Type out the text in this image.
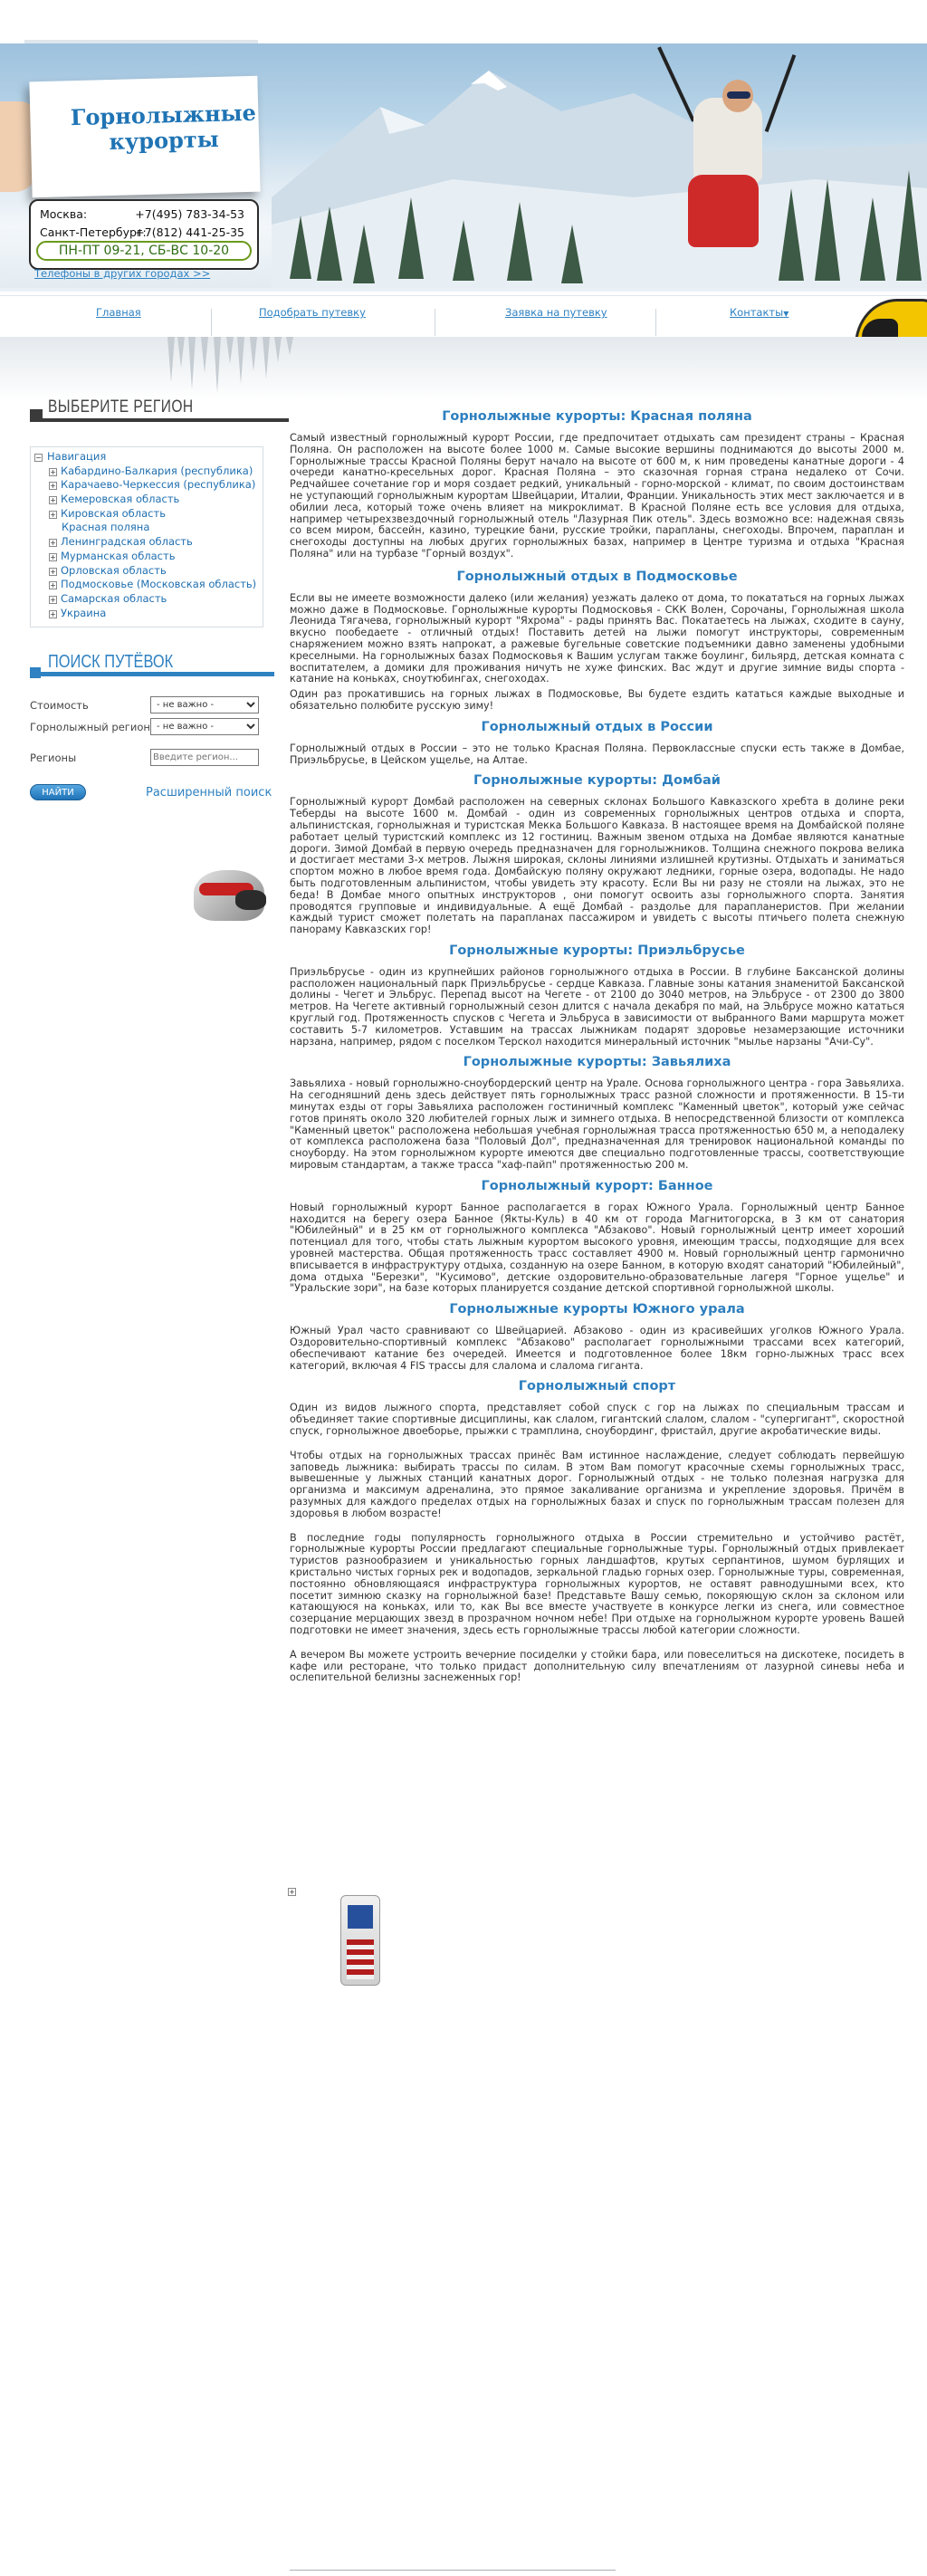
Горнолыжные курорты
Москва:	+7(495) 783-34-53
Санкт-Петербург:
+7(812) 441-25-35
ПН-ПТ 09-21, СБ-ВС 10-20
Телефоны в других городах >>
Главная	Подобрать путевку	Заявка на путевку	Контакты▼
ВЫБЕРИТЕ РЕГИОН
− Навигация
+ Кабардино-Балкария (республика)
+ Карачаево-Черкессия (республика)
+ Кемеровская область
+ Кировская область
Красная поляна
+ Ленинградская область
+ Мурманская область
+ Орловская область
+ Подмосковье (Московская область)
+ Самарская область
+ Украина
ПОИСК ПУТЁВОК
Стоимость
- не важно -
Горнолыжный регион
- не важно -
Регионы
Введите регион...
НАЙТИ	Расширенный поиск
+
Горнолыжные курорты: Красная поляна

Самый известный горнолыжный курорт России, где предпочитает отдыхать сам президент страны – Красная Поляна. Он расположен на высоте более 1000 м. Самые высокие вершины поднимаются до высоты 2000 м. Горнолыжные трассы Красной Поляны берут начало на высоте от 600 м, к ним проведены канатные дороги - 4 очереди канатно-кресельных дорог. Красная Поляна – это сказочная горная страна недалеко от Сочи. Редчайшее сочетание гор и моря создает редкий, уникальный - горно-морской - климат, по своим достоинствам не уступающий горнолыжным курортам Швейцарии, Италии, Франции. Уникальность этих мест заключается и в обилии леса, который тоже очень влияет на микроклимат. В Красной Поляне есть все условия для отдыха, например четырехзвездочный горнолыжный отель "Лазурная Пик отель". Здесь возможно все: надежная связь со всем миром, бассейн, казино, турецкие бани, русские тройки, парапланы, снегоходы. Впрочем, параплан и снегоходы доступны на любых других горнолыжных базах, например в Центре туризма и отдыха "Красная Поляна" или на турбазе "Горный воздух".

Горнолыжный отдых в Подмосковье

Если вы не имеете возможности далеко (или желания) уезжать далеко от дома, то покататься на горных лыжах можно даже в Подмосковье. Горнолыжные курорты Подмосковья - СКК Волен, Сорочаны, Горнолыжная школа Леонида Тягачева, горнолыжный курорт "Яхрома" - рады принять Вас. Покатаетесь на лыжах, сходите в сауну, вкусно пообедаете - отличный отдых! Поставить детей на лыжи помогут инструкторы, современным снаряжением можно взять напрокат, а ражевые бугельные советские подъемники давно заменены удобными креселными. На горнолыжных базах Подмосковья к Вашим услугам также боулинг, бильярд, детская комната с воспитателем, а домики для проживания ничуть не хуже финских. Вас ждут и другие зимние виды спорта - катание на коньках, сноутюбингах, снегоходах.

Один раз прокатившись на горных лыжах в Подмосковье, Вы будете ездить кататься каждые выходные и обязательно полюбите русскую зиму!

Горнолыжный отдых в России

Горнолыжный отдых в России – это не только Красная Поляна. Первоклассные спуски есть также в Домбае, Приэльбрусье, в Цейском ущелье, на Алтае.

Горнолыжные курорты: Домбай

Горнолыжный курорт Домбай расположен на северных склонах Большого Кавказского хребта в долине реки Теберды на высоте 1600 м. Домбай - один из современных горнолыжных центров отдыха и спорта, альпинистская, горнолыжная и туристская Мекка Большого Кавказа. В настоящее время на Домбайской поляне работает целый туристский комплекс из 12 гостиниц. Важным звеном отдыха на Домбае являются канатные дороги. Зимой Домбай в первую очередь предназначен для горнолыжников. Толщина снежного покрова велика и достигает местами 3-х метров. Лыжня широкая, склоны линиями излишней крутизны. Отдыхать и заниматься спортом можно в любое время года. Домбайскую поляну окружают ледники, горные озера, водопады. Не надо быть подготовленным альпинистом, чтобы увидеть эту красоту. Если Вы ни разу не стояли на лыжах, это не беда! В Домбае много опытных инструкторов , они помогут освоить азы горнолыжного спорта. Занятия проводятся групповые и индивидуальные. А ещё Домбай - раздолье для парапланеристов. При желании каждый турист сможет полетать на парапланах пассажиром и увидеть с высоты птичьего полета снежную панораму Кавказских гор!

Горнолыжные курорты: Приэльбрусье

Приэльбрусье - один из крупнейших районов горнолыжного отдыха в России. В глубине Баксанской долины расположен национальный парк Приэльбрусье - сердце Кавказа. Главные зоны катания знаменитой Баксанской долины - Чегет и Эльбрус. Перепад высот на Чегете - от 2100 до 3040 метров, на Эльбрусе - от 2300 до 3800 метров. На Чегете активный горнолыжный сезон длится с начала декабря по май, на Эльбрусе можно кататься круглый год. Протяженность спусков с Чегета и Эльбруса в зависимости от выбранного Вами маршрута может составить 5-7 километров. Уставшим на трассах лыжникам подарят здоровье незамерзающие источники нарзана, например, рядом с поселком Терскол находится минеральный источник "мылье нарзаны "Ачи-Су".

Горнолыжные курорты: Завьялиха

Завьялиха - новый горнолыжно-сноубордерский центр на Урале. Основа горнолыжного центра - гора Завьялиха. На сегодняшний день здесь действует пять горнолыжных трасс разной сложности и протяженности. В 15-ти минутах езды от горы Завьялиха расположен гостиничный комплекс "Каменный цветок", который уже сейчас готов принять около 320 любителей горных лыж и зимнего отдыха. В непосредственной близости от комплекса "Каменный цветок" расположена небольшая учебная горнолыжная трасса протяженностью 650 м, а неподалеку от комплекса расположена база "Половый Дол", предназначенная для тренировок национальной команды по сноуборду. На этом горнолыжном курорте имеются две специально подготовленные трассы, соответствующие мировым стандартам, а также трасса "хаф-пайп" протяженностью 200 м.

Горнолыжный курорт: Банное

Новый горнолыжный курорт Банное располагается в горах Южного Урала. Горнолыжный центр Банное находится на берегу озера Банное (Якты-Куль) в 40 км от города Магнитогорска, в 3 км от санатория "Юбилейный" и в 25 км от горнолыжного комплекса "Абзаково". Новый горнолыжный центр имеет хороший потенциал для того, чтобы стать лыжным курортом высокого уровня, имеющим трассы, подходящие для всех уровней мастерства. Общая протяженность трасс составляет 4900 м. Новый горнолыжный центр гармонично вписывается в инфраструктуру отдыха, созданную на озере Банном, в которую входят санаторий "Юбилейный", дома отдыха "Березки", "Кусимово", детские оздоровительно-образовательные лагеря "Горное ущелье" и "Уральские зори", на базе которых планируется создание детской спортивной горнолыжной школы.

Горнолыжные курорты Южного урала

Южный Урал часто сравнивают со Швейцарией. Абзаково - один из красивейших уголков Южного Урала. Оздоровительно-спортивный комплекс "Абзаково" располагает горнолыжными трассами всех категорий, обеспечивают катание без очередей. Имеется и подготовленное более 18км горно-лыжных трасс всех категорий, включая 4 FIS трассы для слалома и слалома гиганта.

Горнолыжный спорт

Один из видов лыжного спорта, представляет собой спуск с гор на лыжах по специальным трассам и объединяет такие спортивные дисциплины, как слалом, гигантский слалом, слалом - "супергигант", скоростной спуск, горнолыжное двоеборье, прыжки с трамплина, сноубординг, фристайл, другие акробатические виды.

Чтобы отдых на горнолыжных трассах принёс Вам истинное наслаждение, следует соблюдать первейшую заповедь лыжника: выбирать трассы по силам. В этом Вам помогут красочные схемы горнолыжных трасс, вывешенные у лыжных станций канатных дорог. Горнолыжный отдых - не только полезная нагрузка для организма и максимум адреналина, это прямое закаливание организма и укрепление здоровья. Причём в разумных для каждого пределах отдых на горнолыжных базах и спуск по горнолыжным трассам полезен для здоровья в любом возрасте!

В последние годы популярность горнолыжного отдыха в России стремительно и устойчиво растёт, горнолыжные курорты России предлагают специальные горнолыжные туры. Горнолыжный отдых привлекает туристов разнообразием и уникальностью горных ландшафтов, крутых серпантинов, шумом бурлящих и кристально чистых горных рек и водопадов, зеркальной гладью горных озер. Горнолыжные туры, современная, постоянно обновляющаяся инфраструктура горнолыжных курортов, не оставят равнодушными всех, кто посетит зимнюю сказку на горнолыжной базе! Представьте Вашу семью, покоряющую склон за склоном или катающуюся на коньках, или то, как Вы все вместе участвуете в конкурсе легки из снега, или совместное созерцание мерцающих звезд в прозрачном ночном небе! При отдыхе на горнолыжном курорте уровень Вашей подготовки не имеет значения, здесь есть горнолыжные трассы любой категории сложности.

А вечером Вы можете устроить вечерние посиделки у стойки бара, или повеселиться на дискотеке, посидеть в кафе или ресторане, что только придаст дополнительную силу впечатлениям от лазурной синевы неба и ослепительной белизны заснеженных гор!
